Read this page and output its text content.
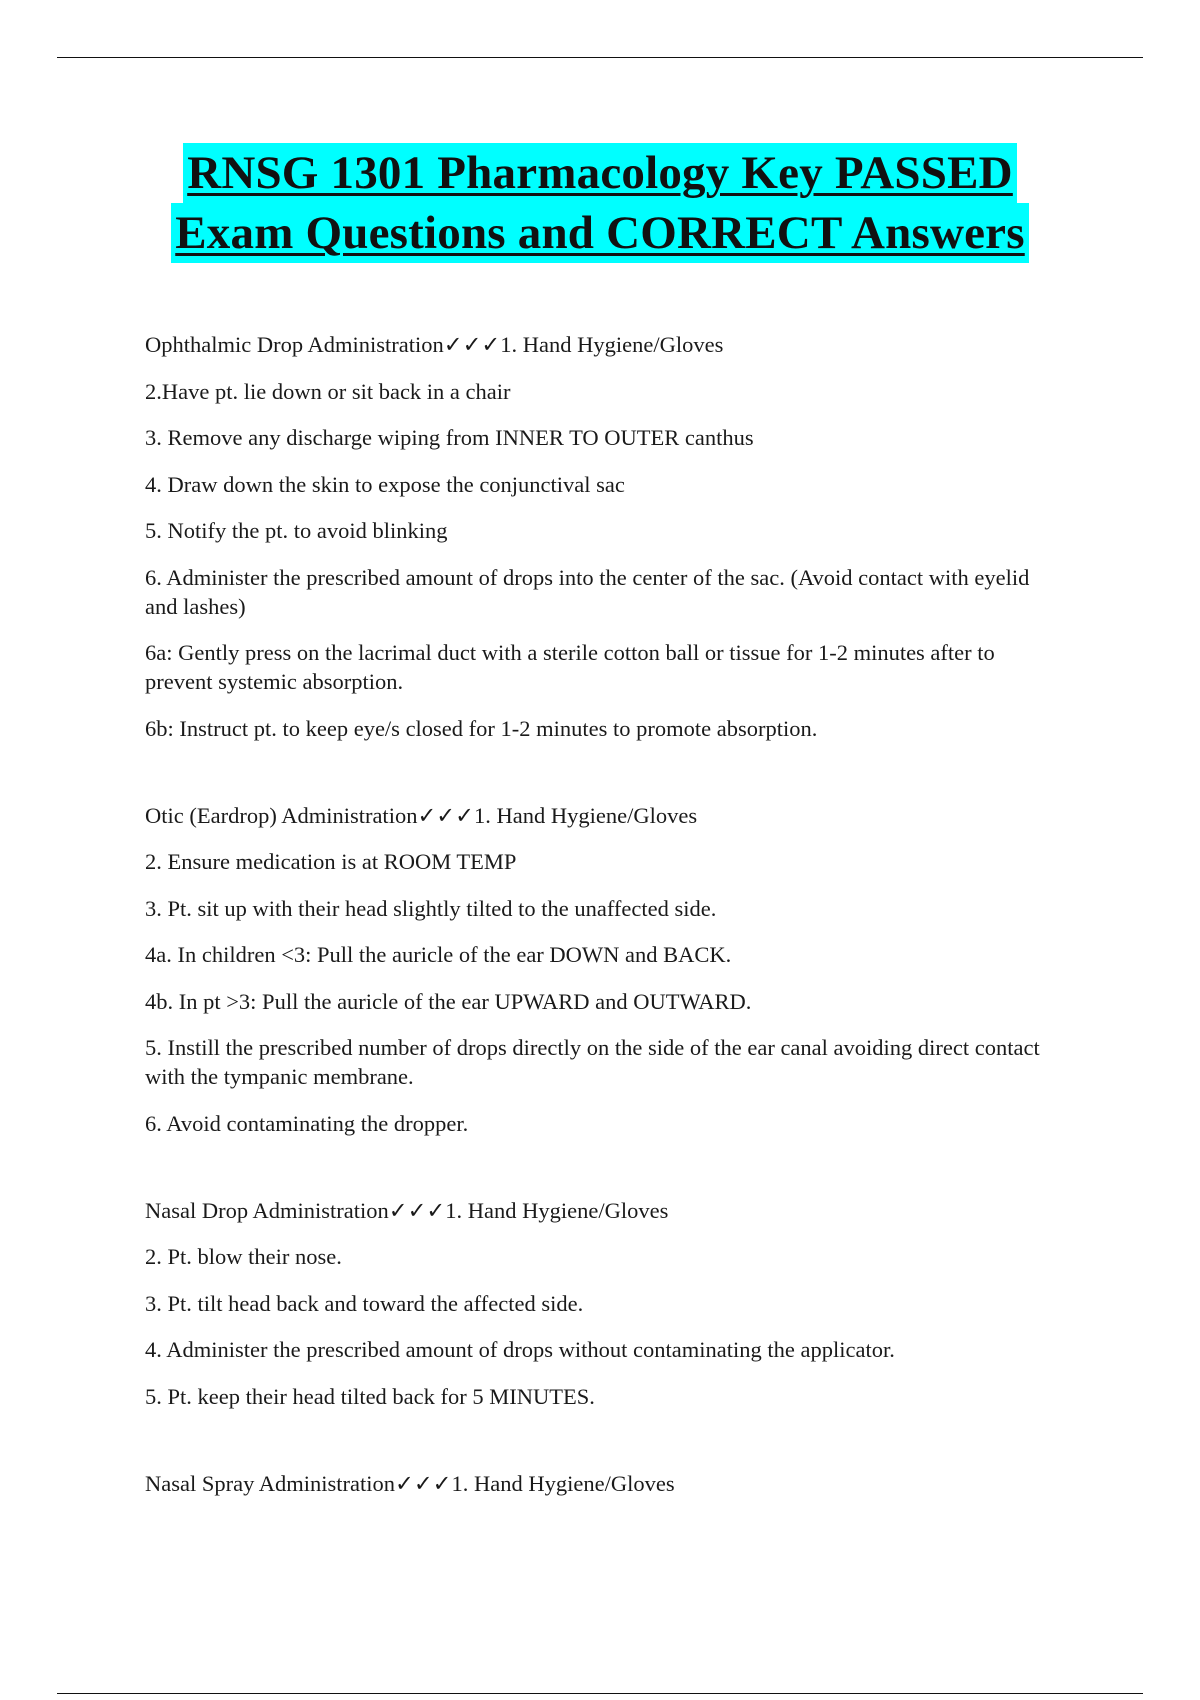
RNSG 1301 Pharmacology Key PASSED
Exam Questions and CORRECT Answers

Ophthalmic Drop Administration✓✓✓1. Hand Hygiene/Gloves

2.Have pt. lie down or sit back in a chair

3. Remove any discharge wiping from INNER TO OUTER canthus

4. Draw down the skin to expose the conjunctival sac

5. Notify the pt. to avoid blinking

6. Administer the prescribed amount of drops into the center of the sac. (Avoid contact with eyelid and lashes)

6a: Gently press on the lacrimal duct with a sterile cotton ball or tissue for 1-2 minutes after to prevent systemic absorption.

6b: Instruct pt. to keep eye/s closed for 1-2 minutes to promote absorption.

Otic (Eardrop) Administration✓✓✓1. Hand Hygiene/Gloves

2. Ensure medication is at ROOM TEMP

3. Pt. sit up with their head slightly tilted to the unaffected side.

4a. In children <3: Pull the auricle of the ear DOWN and BACK.

4b. In pt >3: Pull the auricle of the ear UPWARD and OUTWARD.

5. Instill the prescribed number of drops directly on the side of the ear canal avoiding direct contact with the tympanic membrane.

6. Avoid contaminating the dropper.

Nasal Drop Administration✓✓✓1. Hand Hygiene/Gloves

2. Pt. blow their nose.

3. Pt. tilt head back and toward the affected side.

4. Administer the prescribed amount of drops without contaminating the applicator.

5. Pt. keep their head tilted back for 5 MINUTES.

Nasal Spray Administration✓✓✓1. Hand Hygiene/Gloves
